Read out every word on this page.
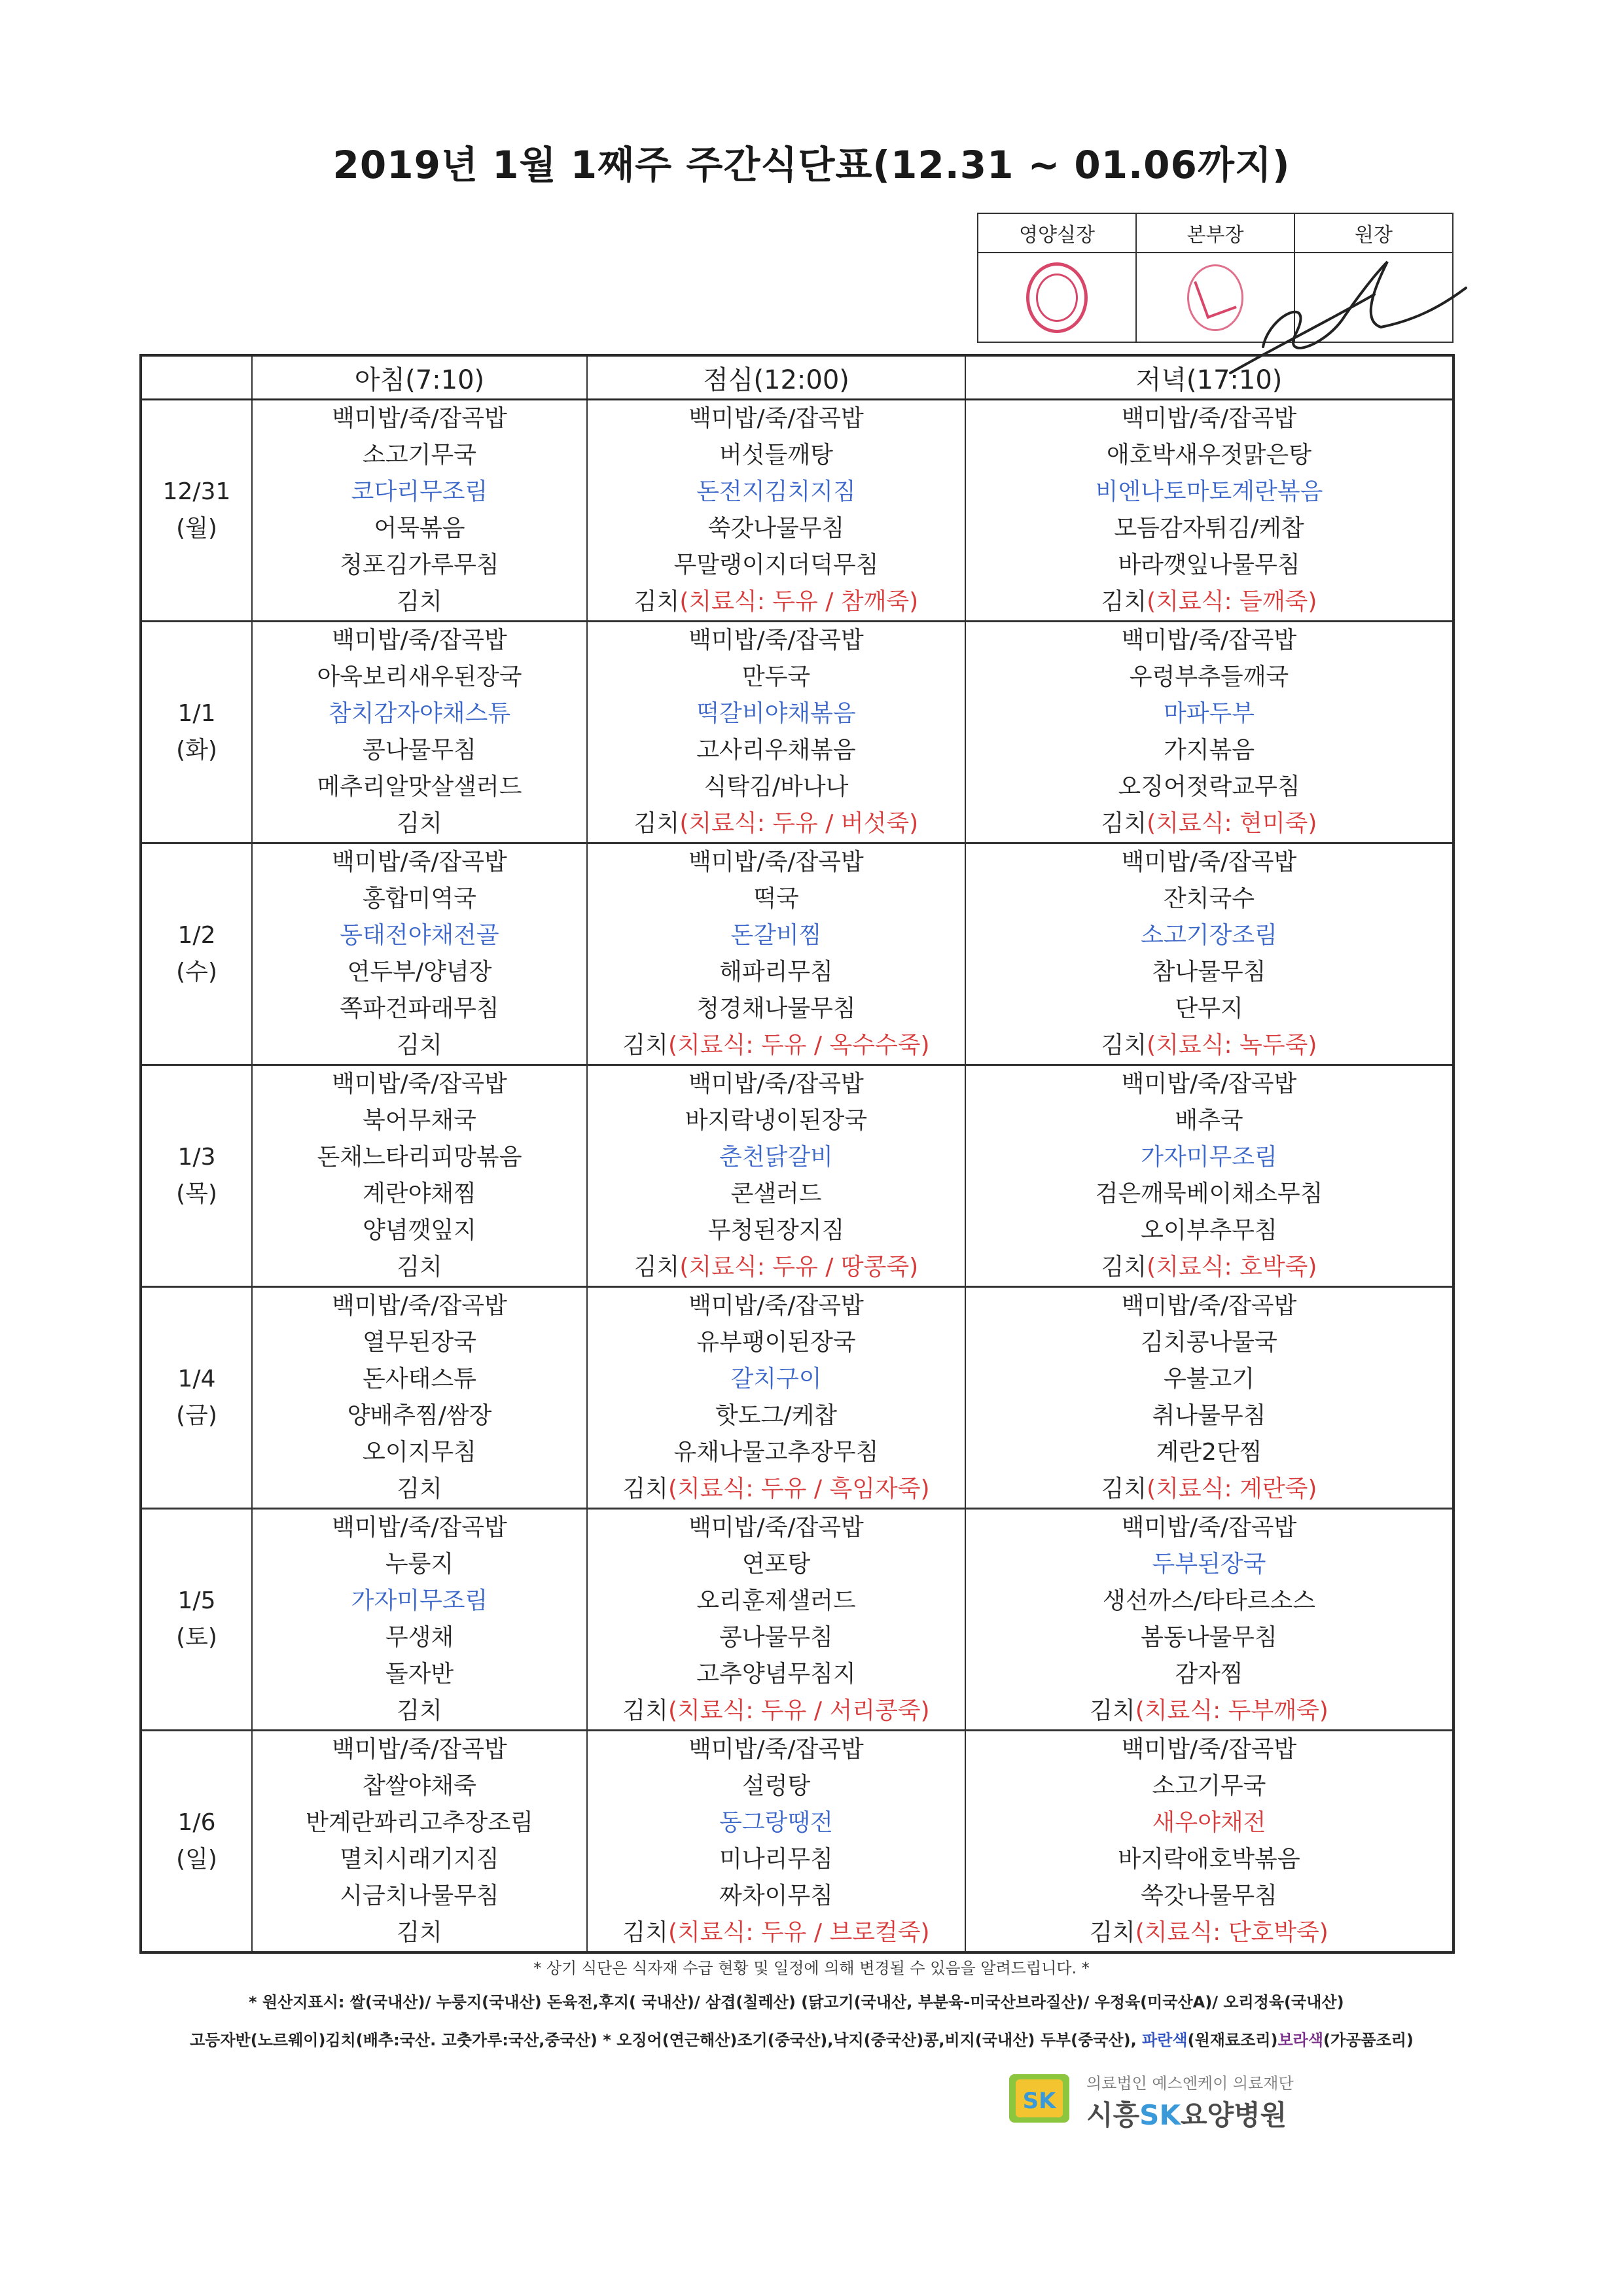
2019년 1월 1째주 주간식단표(12.31 ~ 01.06까지)
영양실장	본부장	원장

	아침(7:10)	점심(12:00)	저녁(17:10)

12/31
(월)	백미밥/죽/잡곡밥	백미밥/죽/잡곡밥	백미밥/죽/잡곡밥
	소고기무국	버섯들깨탕	애호박새우젓맑은탕
	코다리무조림	돈전지김치지짐	비엔나토마토계란볶음
	어묵볶음	쑥갓나물무침	모듬감자튀김/케찹
	청포김가루무침	무말랭이지더덕무침	바라깻잎나물무침
	김치	김치(치료식: 두유 / 참깨죽)	김치(치료식: 들깨죽)

1/1
(화)	백미밥/죽/잡곡밥	백미밥/죽/잡곡밥	백미밥/죽/잡곡밥
	아욱보리새우된장국	만두국	우렁부추들깨국
	참치감자야채스튜	떡갈비야채볶음	마파두부
	콩나물무침	고사리우채볶음	가지볶음
	메추리알맛살샐러드	식탁김/바나나	오징어젓락교무침
	김치	김치(치료식: 두유 / 버섯죽)	김치(치료식: 현미죽)

1/2
(수)	백미밥/죽/잡곡밥	백미밥/죽/잡곡밥	백미밥/죽/잡곡밥
	홍합미역국	떡국	잔치국수
	동태전야채전골	돈갈비찜	소고기장조림
	연두부/양념장	해파리무침	참나물무침
	쪽파건파래무침	청경채나물무침	단무지
	김치	김치(치료식: 두유 / 옥수수죽)	김치(치료식: 녹두죽)

1/3
(목)	백미밥/죽/잡곡밥	백미밥/죽/잡곡밥	백미밥/죽/잡곡밥
	북어무채국	바지락냉이된장국	배추국
	돈채느타리피망볶음	춘천닭갈비	가자미무조림
	계란야채찜	콘샐러드	검은깨묵베이채소무침
	양념깻잎지	무청된장지짐	오이부추무침
	김치	김치(치료식: 두유 / 땅콩죽)	김치(치료식: 호박죽)

1/4
(금)	백미밥/죽/잡곡밥	백미밥/죽/잡곡밥	백미밥/죽/잡곡밥
	열무된장국	유부팽이된장국	김치콩나물국
	돈사태스튜	갈치구이	우불고기
	양배추찜/쌈장	핫도그/케찹	취나물무침
	오이지무침	유채나물고추장무침	계란2단찜
	김치	김치(치료식: 두유 / 흑임자죽)	김치(치료식: 계란죽)

1/5
(토)	백미밥/죽/잡곡밥	백미밥/죽/잡곡밥	백미밥/죽/잡곡밥
	누룽지	연포탕	두부된장국
	가자미무조림	오리훈제샐러드	생선까스/타타르소스
	무생채	콩나물무침	봄동나물무침
	돌자반	고추양념무침지	감자찜
	김치	김치(치료식: 두유 / 서리콩죽)	김치(치료식: 두부깨죽)

1/6
(일)	백미밥/죽/잡곡밥	백미밥/죽/잡곡밥	백미밥/죽/잡곡밥
	찹쌀야채죽	설렁탕	소고기무국
	반계란꽈리고추장조림	동그랑땡전	새우야채전
	멸치시래기지짐	미나리무침	바지락애호박볶음
	시금치나물무침	짜차이무침	쑥갓나물무침
	김치	김치(치료식: 두유 / 브로컬죽)	김치(치료식: 단호박죽)
* 상기 식단은 식자재 수급 현황 및 일정에 의해 변경될 수 있음을 알려드립니다. *
* 원산지표시: 쌀(국내산)/ 누룽지(국내산) 돈육전,후지( 국내산)/ 삼겹(칠레산) (닭고기(국내산, 부분육-미국산브라질산)/ 우정육(미국산A)/ 오리정육(국내산)
고등자반(노르웨이)김치(배추:국산. 고춧가루:국산,중국산) * 오징어(연근해산)조기(중국산),낙지(중국산)콩,비지(국내산) 두부(중국산), 파란색(원재료조리)보라색(가공품조리)
SK
의료법인 예스엔케이 의료재단
시흥SK요양병원
